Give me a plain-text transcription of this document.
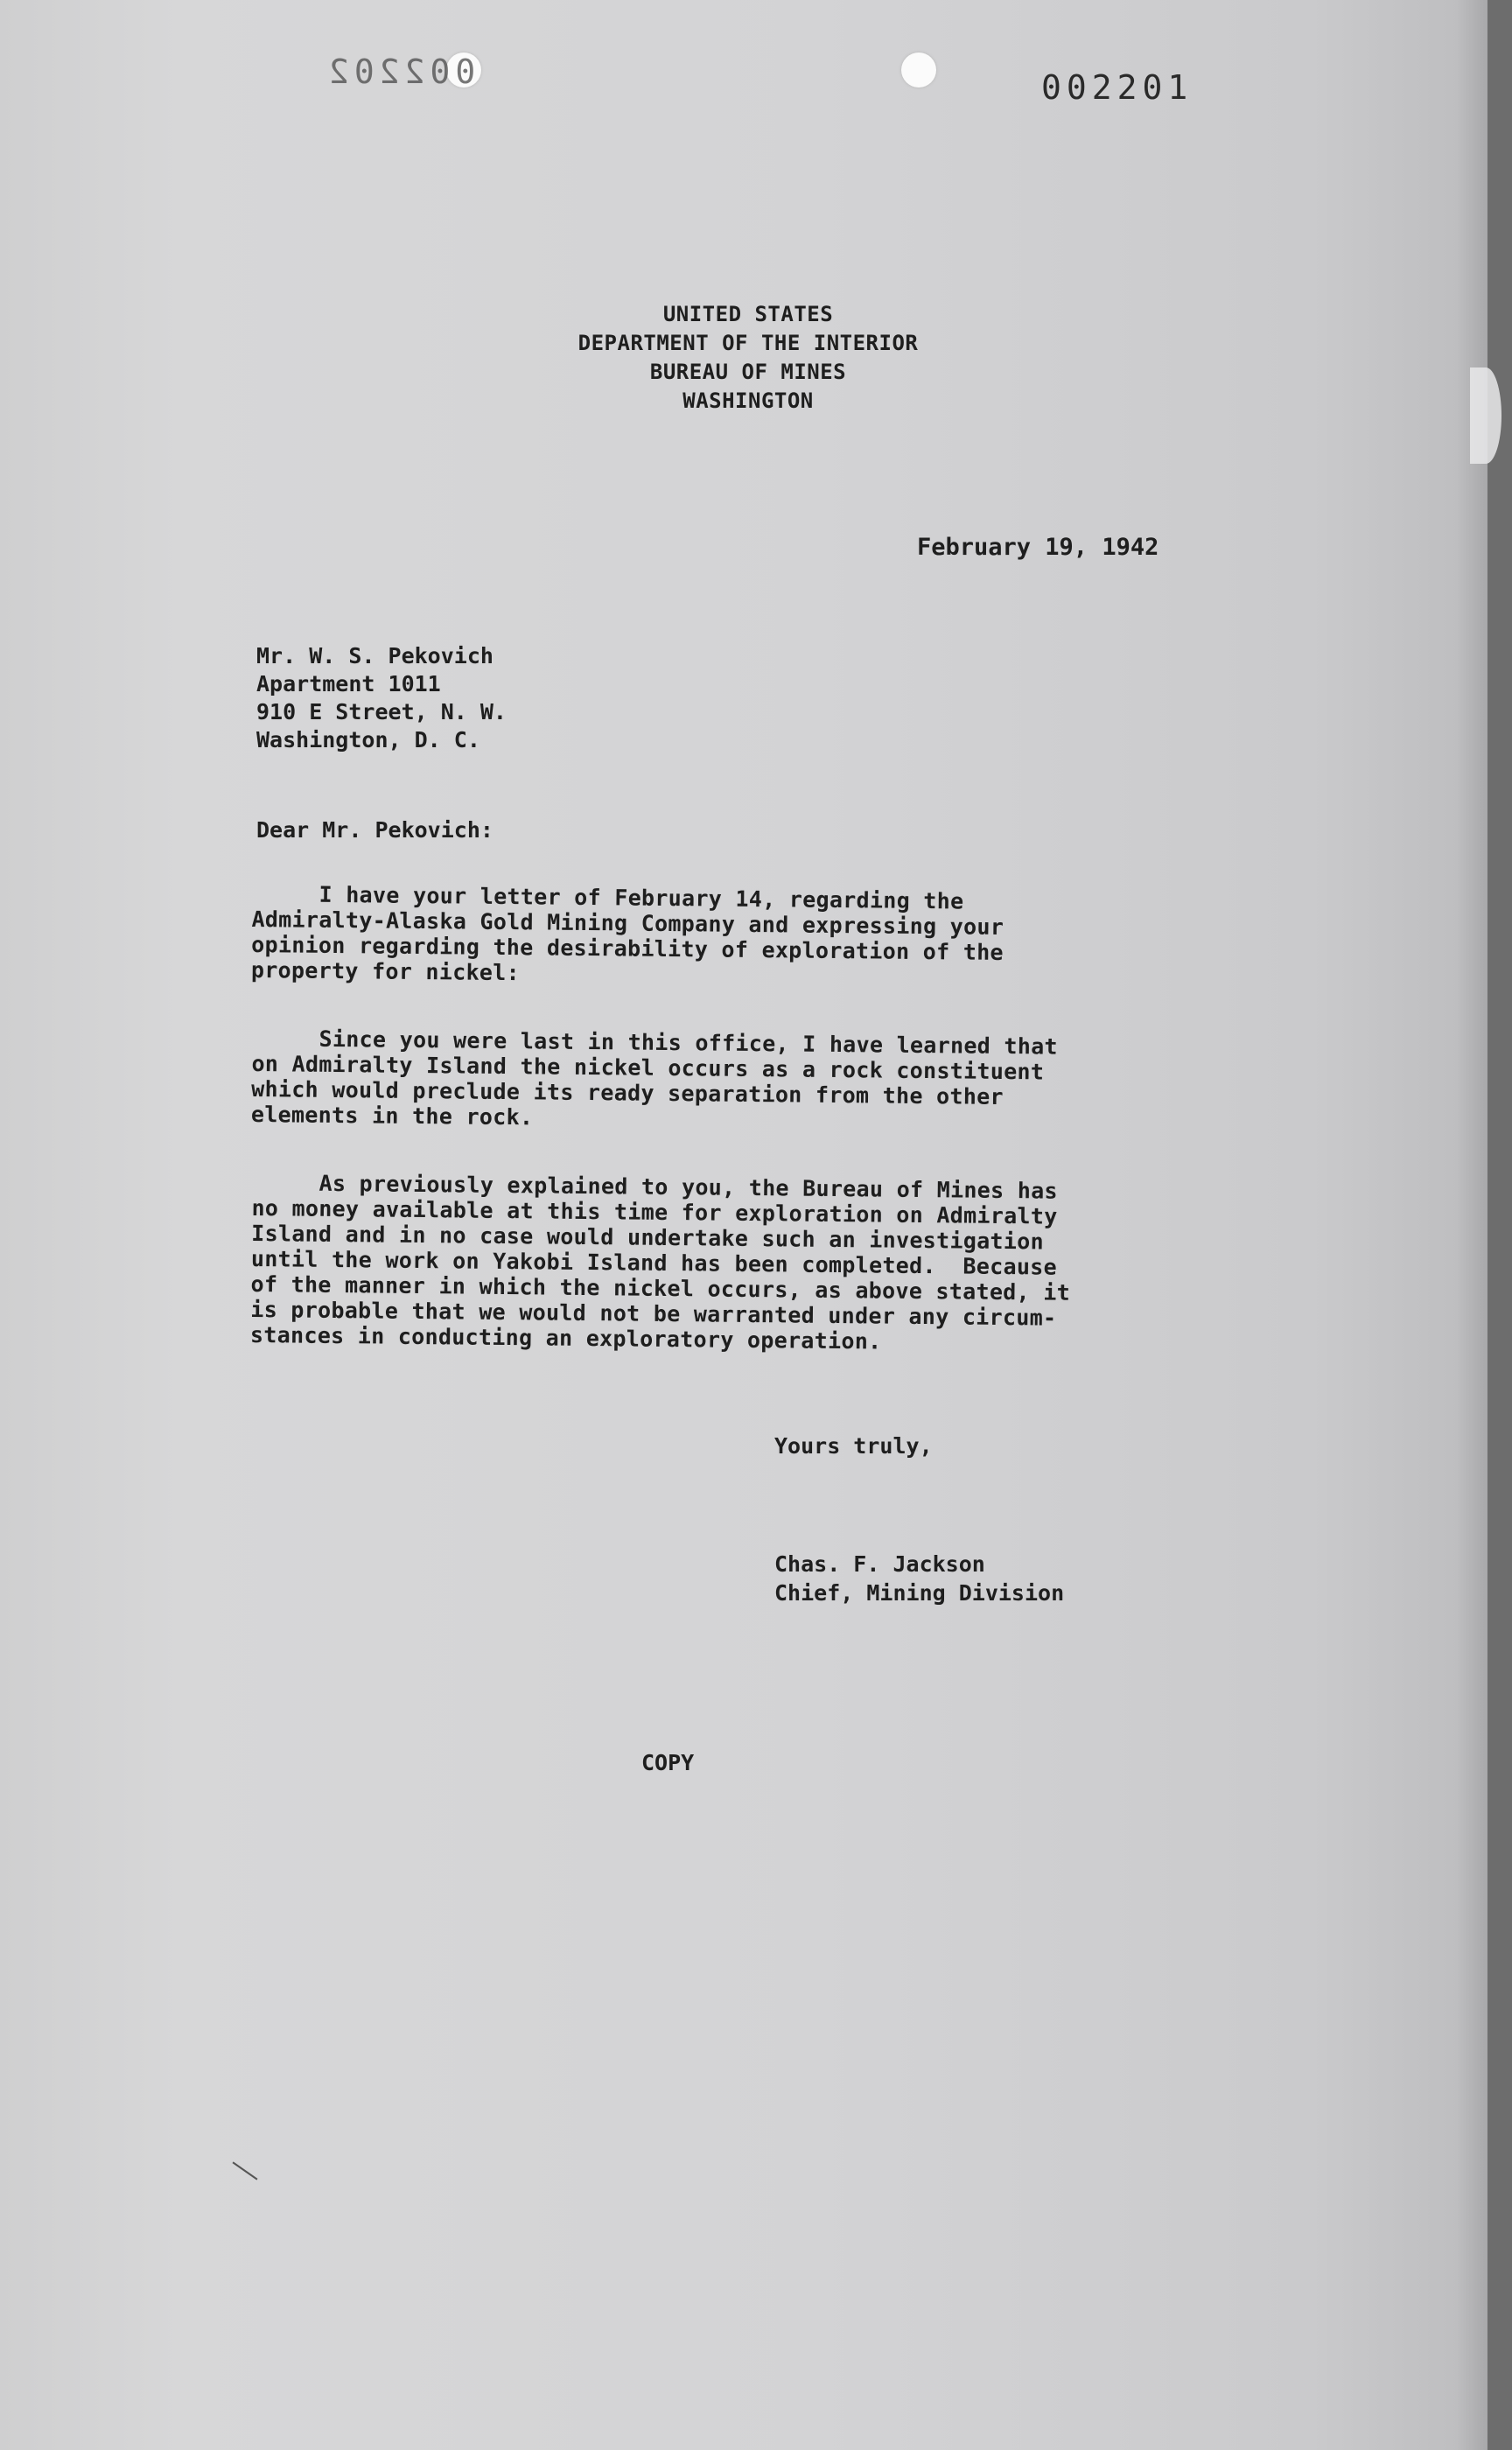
002202	002201
UNITED STATES
DEPARTMENT OF THE INTERIOR
BUREAU OF MINES
WASHINGTON
February 19, 1942
Mr. W. S. Pekovich
Apartment 1011
910 E Street, N. W.
Washington, D. C.
Dear Mr. Pekovich:
I have your letter of February 14, regarding the
Admiralty-Alaska Gold Mining Company and expressing your
opinion regarding the desirability of exploration of the
property for nickel:
Since you were last in this office, I have learned that
on Admiralty Island the nickel occurs as a rock constituent
which would preclude its ready separation from the other
elements in the rock.
As previously explained to you, the Bureau of Mines has
no money available at this time for exploration on Admiralty
Island and in no case would undertake such an investigation
until the work on Yakobi Island has been completed.  Because
of the manner in which the nickel occurs, as above stated, it
is probable that we would not be warranted under any circum-
stances in conducting an exploratory operation.
Yours truly,
Chas. F. Jackson
Chief, Mining Division
COPY
